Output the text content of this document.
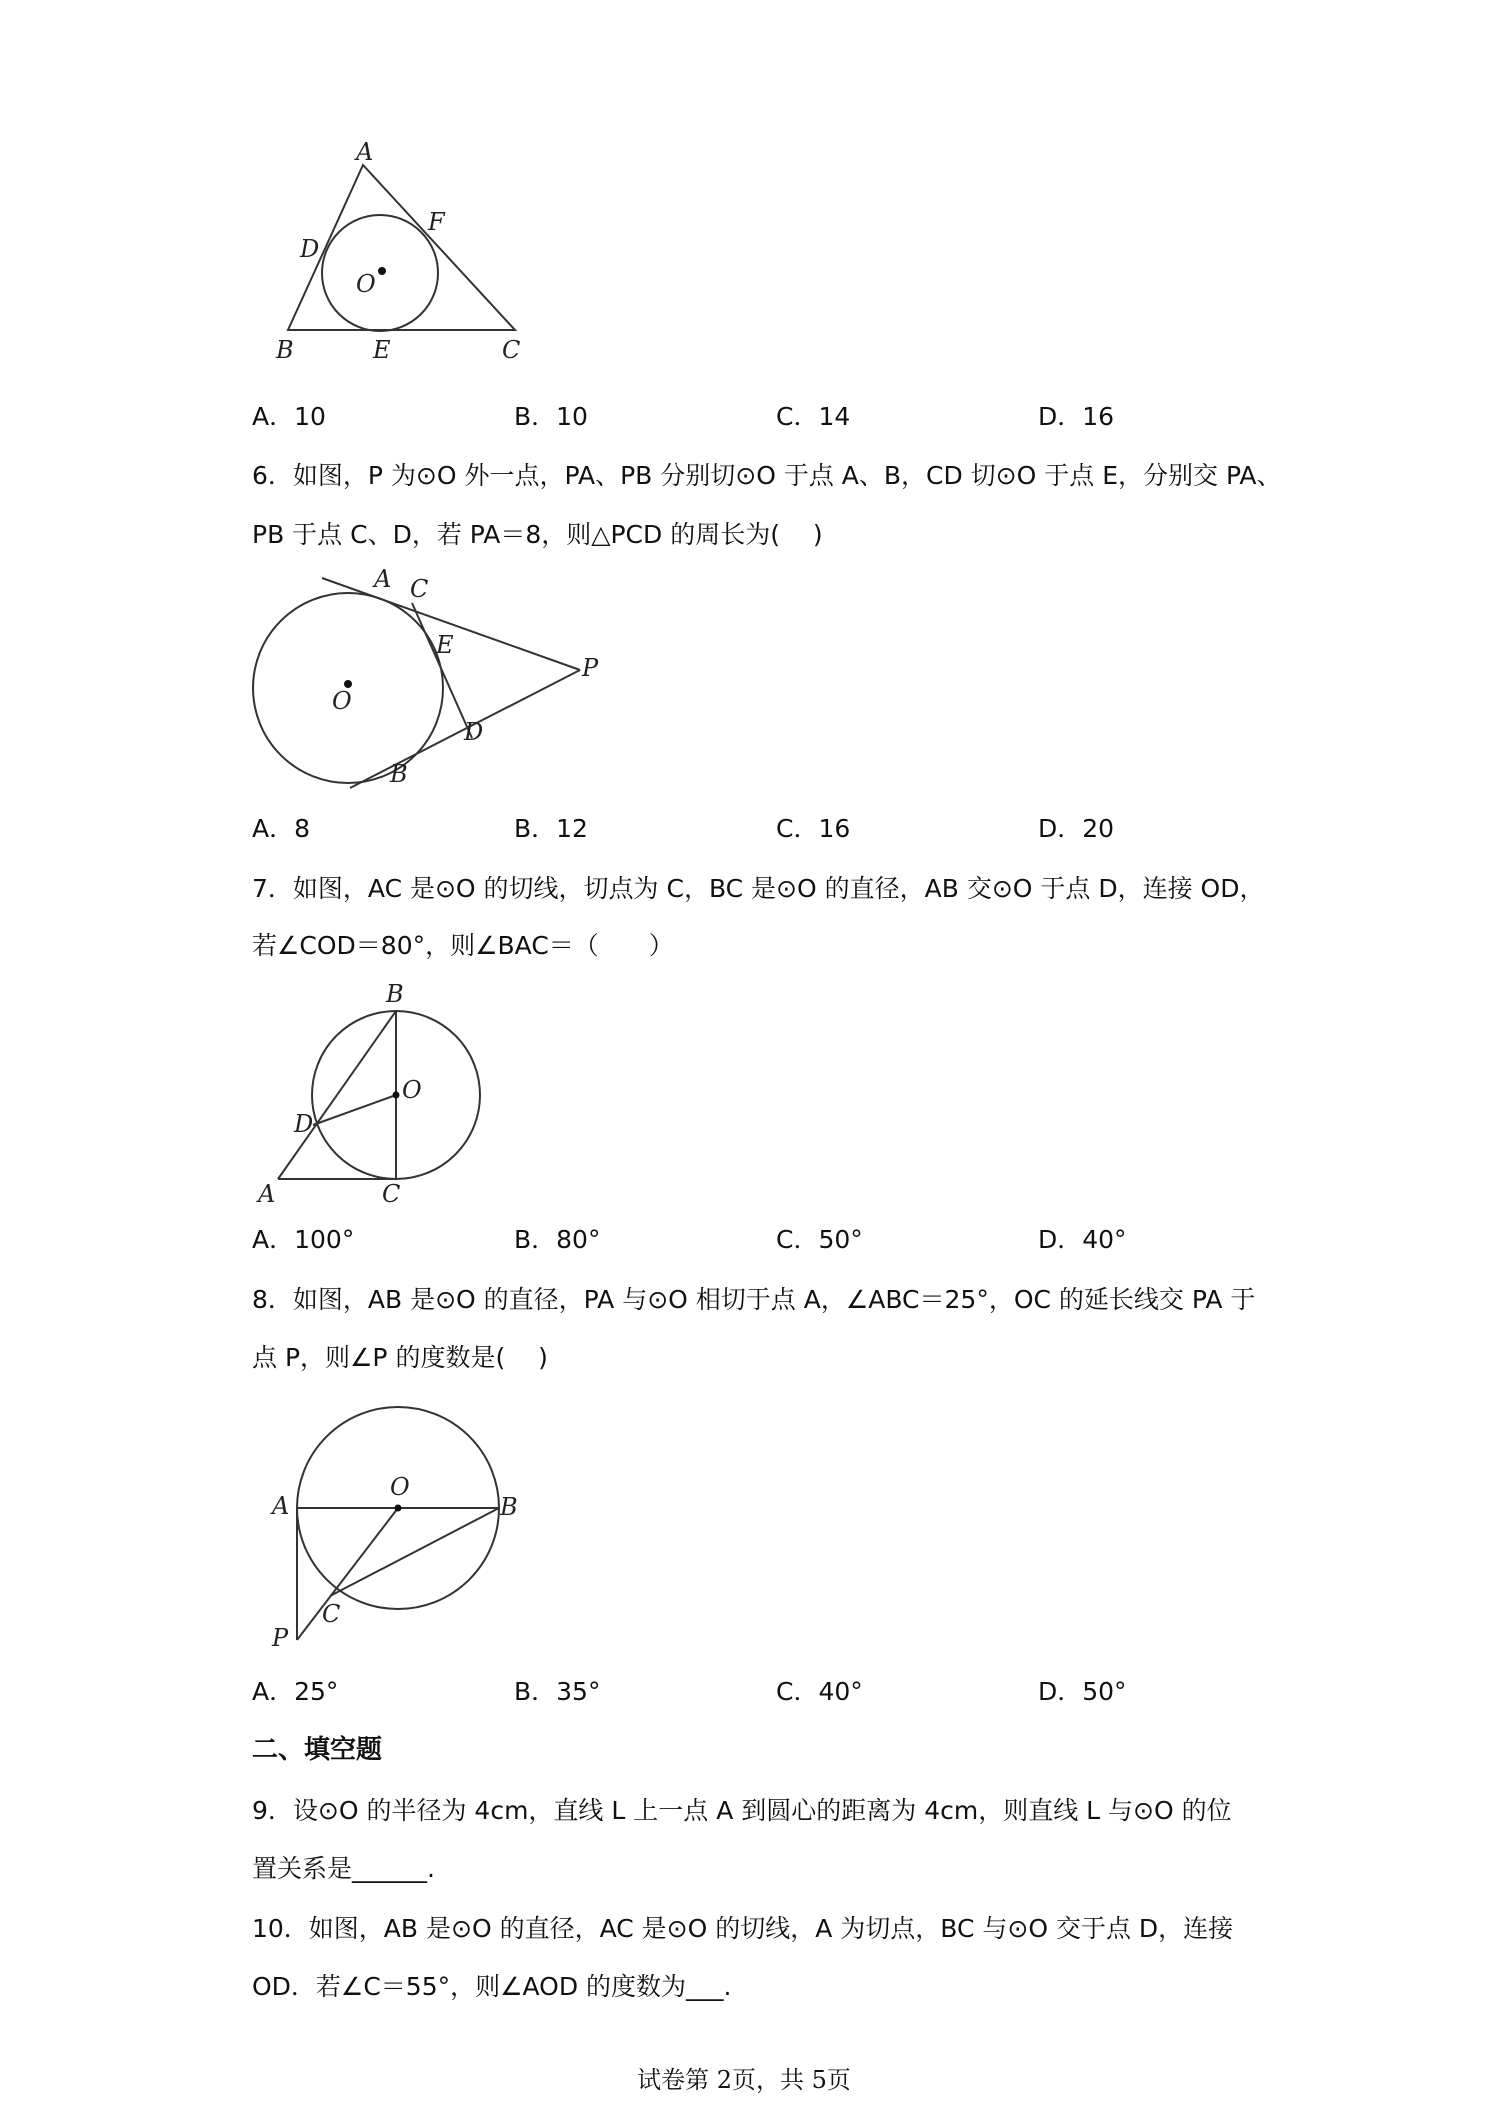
A
F
D
O
B	E	C
A．10	B．10	C．14	D．16
6．如图，P 为⊙O 外一点，PA、PB 分别切⊙O 于点 A、B，CD 切⊙O 于点 E，分别交 PA、
PB 于点 C、D，若 PA＝8，则△PCD 的周长为(　 )
A C
E
P
O
D
B
A．8	B．12	C．16	D．20
7．如图，AC 是⊙O 的切线，切点为 C，BC 是⊙O 的直径，AB 交⊙O 于点 D，连接 OD，
若∠COD＝80°，则∠BAC＝（　　）
B
O
D
A	C
A．100°	B．80°	C．50°	D．40°
8．如图，AB 是⊙O 的直径，PA 与⊙O 相切于点 A，∠ABC＝25°，OC 的延长线交 PA 于
点 P，则∠P 的度数是(　 )
O
A	B
C
P
A．25°	B．35°	C．40°	D．50°
二、填空题
9．设⊙O 的半径为 4cm，直线 L 上一点 A 到圆心的距离为 4cm，则直线 L 与⊙O 的位
置关系是______.
10．如图，AB 是⊙O 的直径，AC 是⊙O 的切线，A 为切点，BC 与⊙O 交于点 D，连接
OD．若∠C＝55°，则∠AOD 的度数为___.
试卷第 2页，共 5页
